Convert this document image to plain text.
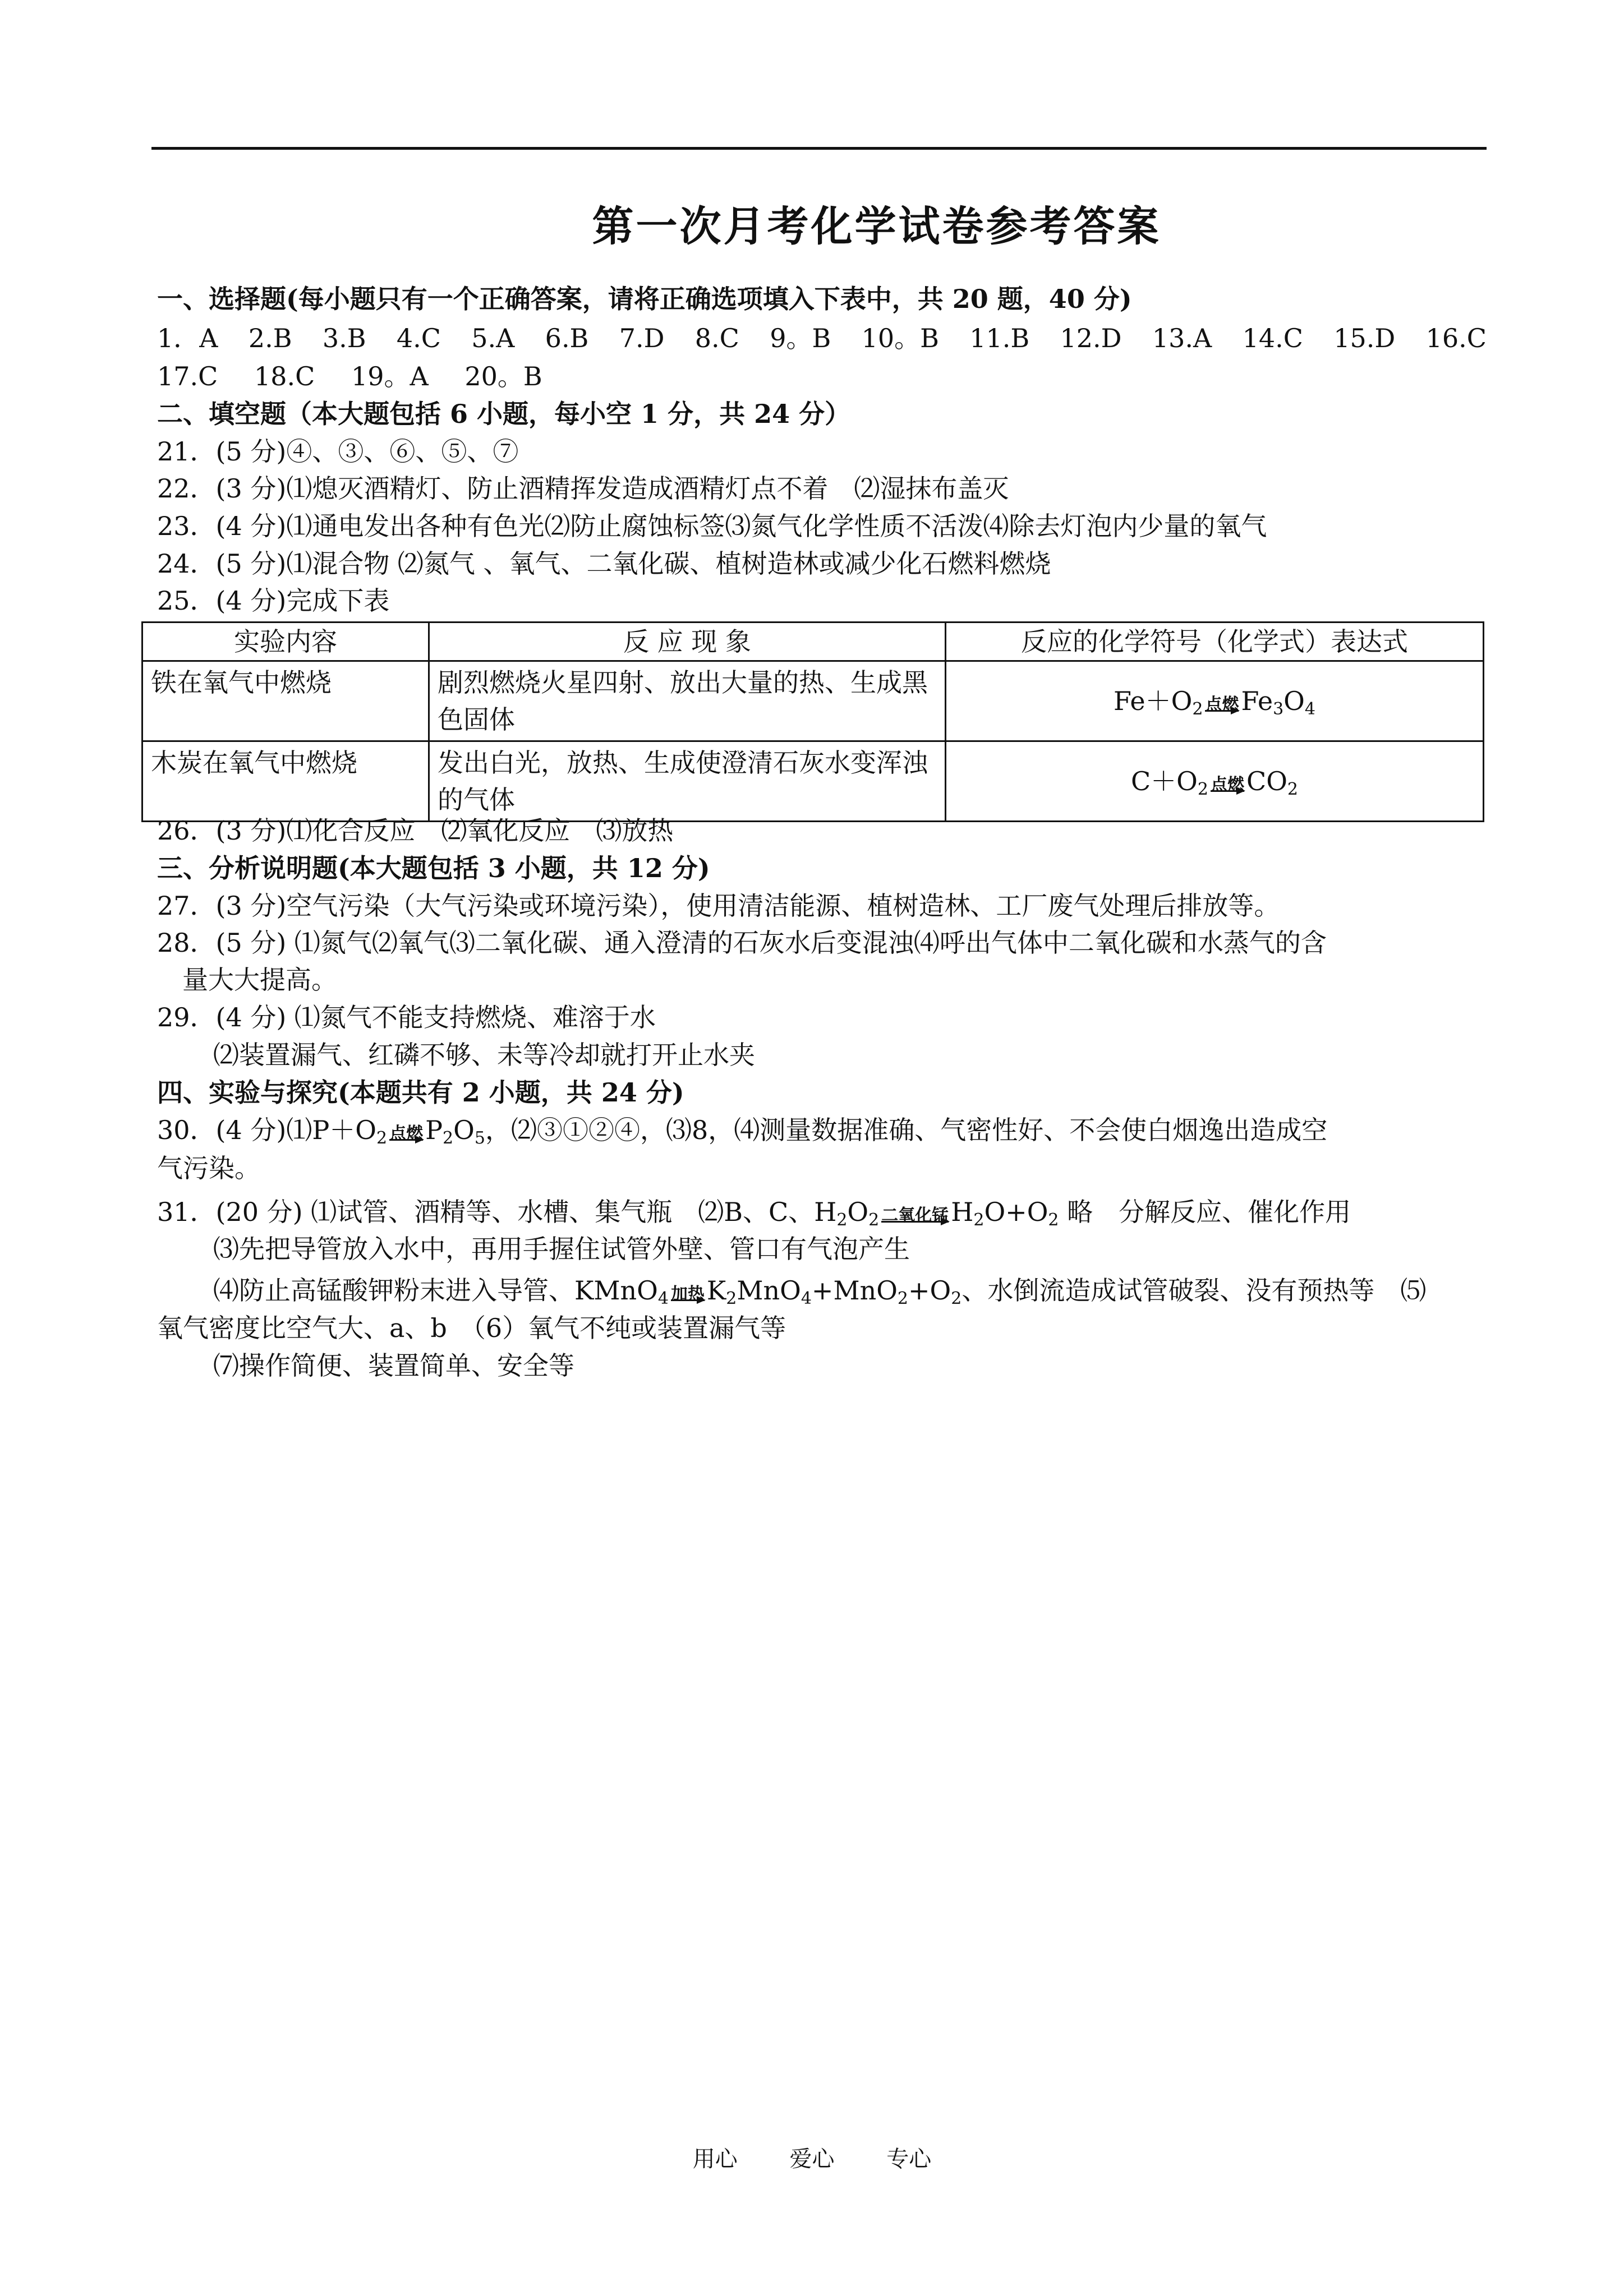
第一次月考化学试卷参考答案
一、选择题(每小题只有一个正确答案，请将正确选项填入下表中，共 20 题，40 分)
1．A 2.B 3.B 4.C 5.A 6.B 7.D 8.C 9。B 10。B 11.B 12.D 13.A 14.C 15.D 16.C
17.C 18.C 19。A 20。B
二、填空题（本大题包括 6 小题，每小空 1 分，共 24 分）
21．(5 分)④、③、⑥、⑤、⑦
22．(3 分)⑴熄灭酒精灯、防止酒精挥发造成酒精灯点不着　⑵湿抹布盖灭
23．(4 分)⑴通电发出各种有色光⑵防止腐蚀标签⑶氮气化学性质不活泼⑷除去灯泡内少量的氧气
24．(5 分)⑴混合物 ⑵氮气 、氧气、二氧化碳、植树造林或减少化石燃料燃烧
25．(4 分)完成下表
实验内容	反 应 现 象	反应的化学符号（化学式）表达式
铁在氧气中燃烧	剧烈燃烧火星四射、放出大量的热、生成黑色固体	$Fe+O_2$ 点燃 $Fe_3O_4$
木炭在氧气中燃烧	发出白光，放热、生成使澄清石灰水变浑浊的气体	$C+O_2$ 点燃 $CO_2$
26．(3 分)⑴化合反应　⑵氧化反应　⑶放热
三、分析说明题(本大题包括 3 小题，共 12 分)
27．(3 分)空气污染（大气污染或环境污染），使用清洁能源、植树造林、工厂废气处理后排放等。
28．(5 分) ⑴氮气⑵氧气⑶二氧化碳、通入澄清的石灰水后变混浊⑷呼出气体中二氧化碳和水蒸气的含
量大大提高。
29．(4 分) ⑴氮气不能支持燃烧、难溶于水
⑵装置漏气、红磷不够、未等冷却就打开止水夹
四、实验与探究(本题共有 2 小题，共 24 分)
30．(4 分)$⑴P+O_2$ 点燃 $P_2O_5$，⑵③①②④，⑶8，⑷测量数据准确、气密性好、不会使白烟逸出造成空
气污染。
31．(20 分) ⑴试管、酒精等、水槽、集气瓶　⑵B、C、$H_2O_2$ 二氧化锰 $H_2O+O_2$ 略　分解反应、催化作用
⑶先把导管放入水中，再用手握住试管外壁、管口有气泡产生
⑷防止高锰酸钾粉末进入导管、KMnO$_4$ 加热 $K_2MnO_4+MnO_2+O_2$、水倒流造成试管破裂、没有预热等　⑸
氧气密度比空气大、a、b　（6）氧气不纯或装置漏气等
⑺操作简便、装置简单、安全等
用心 爱心 专心
